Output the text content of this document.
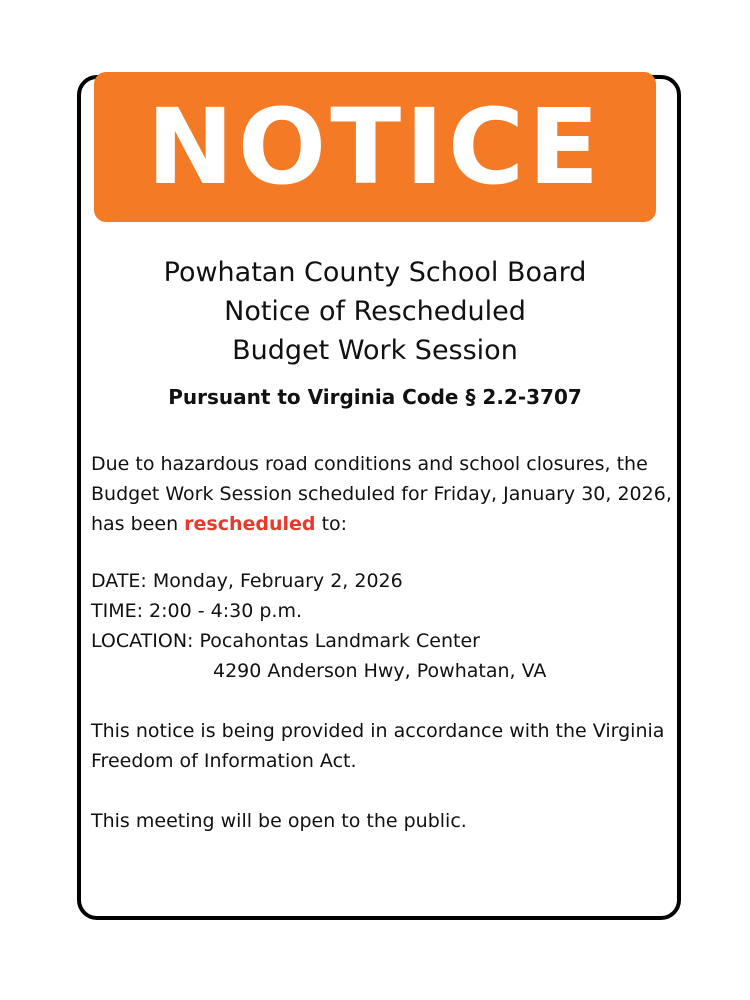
NOTICE
Powhatan County School Board
Notice of Rescheduled
Budget Work Session
Pursuant to Virginia Code § 2.2-3707
Due to hazardous road conditions and school closures, the Budget Work Session scheduled for Friday, January 30, 2026, has been rescheduled to:
DATE: Monday, February 2, 2026
TIME: 2:00 - 4:30 p.m.
LOCATION: Pocahontas Landmark Center
4290 Anderson Hwy, Powhatan, VA
This notice is being provided in accordance with the Virginia Freedom of Information Act.
This meeting will be open to the public.
